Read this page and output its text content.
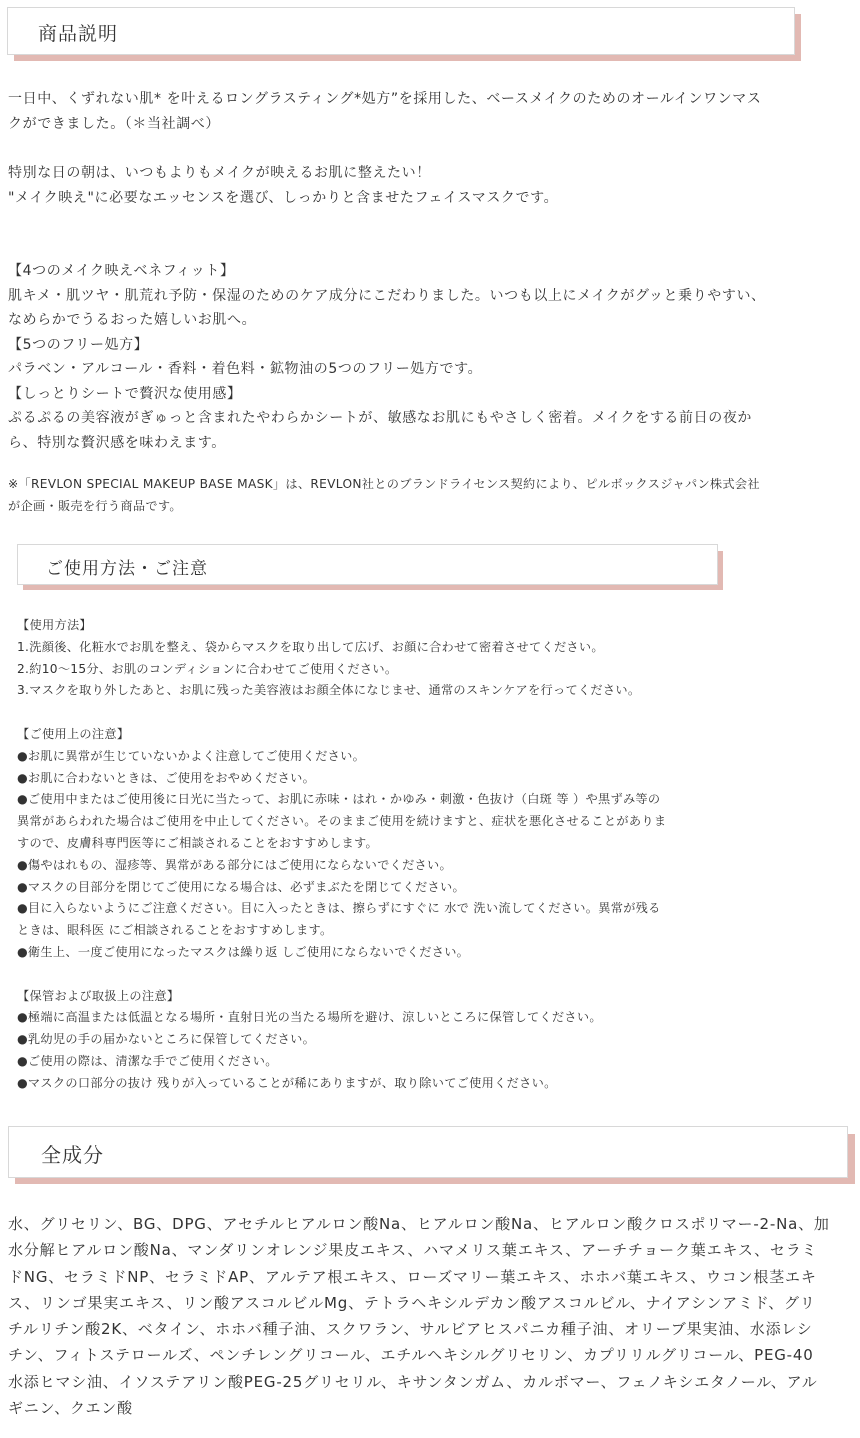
商品説明

一日中、くずれない肌* を叶えるロングラスティング*処方”を採用した、ベースメイクのためのオールインワンマス
クができました。（＊当社調べ）

特別な日の朝は、いつもよりもメイクが映えるお肌に整えたい！
"メイク映え"に必要なエッセンスを選び、しっかりと含ませたフェイスマスクです。

【4つのメイク映えベネフィット】
肌キメ・肌ツヤ・肌荒れ予防・保湿のためのケア成分にこだわりました。いつも以上にメイクがグッと乗りやすい、
なめらかでうるおった嬉しいお肌へ。
【5つのフリー処方】
パラベン・アルコール・香料・着色料・鉱物油の5つのフリー処方です。
【しっとりシートで贅沢な使用感】
ぷるぷるの美容液がぎゅっと含まれたやわらかシートが、敏感なお肌にもやさしく密着。メイクをする前日の夜か
ら、特別な贅沢感を味わえます。

※「REVLON SPECIAL MAKEUP BASE MASK」は、REVLON社とのブランドライセンス契約により、ピルボックスジャパン株式会社
が企画・販売を行う商品です。

ご使用方法・ご注意

【使用方法】
1.洗顔後、化粧水でお肌を整え、袋からマスクを取り出して広げ、お顔に合わせて密着させてください。
2.約10〜15分、お肌のコンディションに合わせてご使用ください。
3.マスクを取り外したあと、お肌に残った美容液はお顔全体になじませ、通常のスキンケアを行ってください。

【ご使用上の注意】
●お肌に異常が生じていないかよく注意してご使用ください。
●お肌に合わないときは、ご使用をおやめください。
●ご使用中またはご使用後に日光に当たって、お肌に赤味・はれ・かゆみ・刺激・色抜け（白斑 等 ）や黒ずみ等の
異常があらわれた場合はご使用を中止してください。そのままご使用を続けますと、症状を悪化させることがありま
すので、皮膚科専門医等にご相談されることをおすすめします。
●傷やはれもの、湿疹等、異常がある部分にはご使用にならないでください。
●マスクの目部分を閉じてご使用になる場合は、必ずまぶたを閉じてください。
●目に入らないようにご注意ください。目に入ったときは、擦らずにすぐに 水で 洗い流してください。異常が残る
ときは、眼科医 にご相談されることをおすすめします。
●衛生上、一度ご使用になったマスクは繰り返 しご使用にならないでください。

【保管および取扱上の注意】
●極端に高温または低温となる場所・直射日光の当たる場所を避け、涼しいところに保管してください。
●乳幼児の手の届かないところに保管してください。
●ご使用の際は、清潔な手でご使用ください。
●マスクの口部分の抜け 残りが入っていることが稀にありますが、取り除いてご使用ください。

全成分

水、グリセリン、BG、DPG、アセチルヒアルロン酸Na、ヒアルロン酸Na、ヒアルロン酸クロスポリマー-2-Na、加
水分解ヒアルロン酸Na、マンダリンオレンジ果皮エキス、ハマメリス葉エキス、アーチチョーク葉エキス、セラミ
ドNG、セラミドNP、セラミドAP、アルテア根エキス、ローズマリー葉エキス、ホホバ葉エキス、ウコン根茎エキ
ス、リンゴ果実エキス、リン酸アスコルビルMg、テトラヘキシルデカン酸アスコルビル、ナイアシンアミド、グリ
チルリチン酸2K、ベタイン、ホホバ種子油、スクワラン、サルビアヒスパニカ種子油、オリーブ果実油、水添レシ
チン、フィトステロールズ、ペンチレングリコール、エチルヘキシルグリセリン、カプリリルグリコール、PEG-40
水添ヒマシ油、イソステアリン酸PEG-25グリセリル、キサンタンガム、カルボマー、フェノキシエタノール、アル
ギニン、クエン酸
